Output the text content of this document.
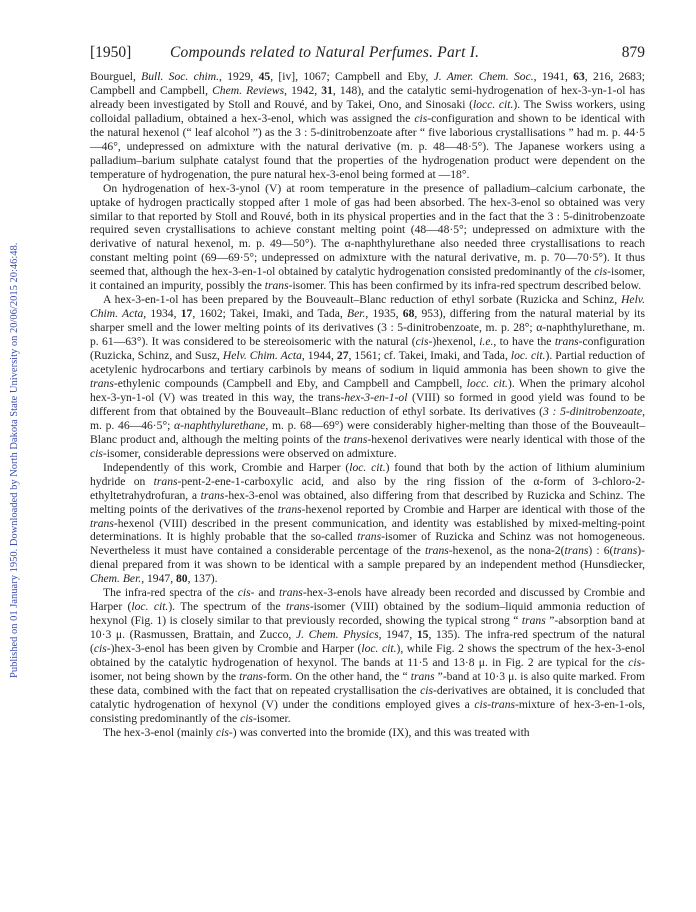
Published on 01 January 1950. Downloaded by North Dakota State University on 20/06/2015 20:46:48.
[1950] Compounds related to Natural Perfumes. Part I.	879

Bourguel, Bull. Soc. chim., 1929, 45, [iv], 1067; Campbell and Eby, J. Amer. Chem. Soc., 1941, 63, 216, 2683; Campbell and Campbell, Chem. Reviews, 1942, 31, 148), and the catalytic semi-hydrogenation of hex-3-yn-1-ol has already been investigated by Stoll and Rouvé, and by Takei, Ono, and Sinosaki (locc. cit.). The Swiss workers, using colloidal palladium, obtained a hex-3-enol, which was assigned the cis-configuration and shown to be identical with the natural hexenol (“ leaf alcohol ”) as the 3 : 5-dinitrobenzoate after “ five laborious crystallisations ” had m. p. 44·5—46°, undepressed on admixture with the natural derivative (m. p. 48—48·5°). The Japanese workers using a palladium–barium sulphate catalyst found that the properties of the hydrogenation product were dependent on the temperature of hydrogenation, the pure natural hex-3-enol being formed at —18°.

On hydrogenation of hex-3-ynol (V) at room temperature in the presence of palladium–calcium carbonate, the uptake of hydrogen practically stopped after 1 mole of gas had been absorbed. The hex-3-enol so obtained was very similar to that reported by Stoll and Rouvé, both in its physical properties and in the fact that the 3 : 5-dinitrobenzoate required seven crystallisations to achieve constant melting point (48—48·5°; undepressed on admixture with the derivative of natural hexenol, m. p. 49—50°). The α-naphthylurethane also needed three crystallisations to reach constant melting point (69—69·5°; undepressed on admixture with the natural derivative, m. p. 70—70·5°). It thus seemed that, although the hex-3-en-1-ol obtained by catalytic hydrogenation consisted predominantly of the cis-isomer, it contained an impurity, possibly the trans-isomer. This has been confirmed by its infra-red spectrum described below.

A hex-3-en-1-ol has been prepared by the Bouveault–Blanc reduction of ethyl sorbate (Ruzicka and Schinz, Helv. Chim. Acta, 1934, 17, 1602; Takei, Imaki, and Tada, Ber., 1935, 68, 953), differing from the natural material by its sharper smell and the lower melting points of its derivatives (3 : 5-dinitrobenzoate, m. p. 28°; α-naphthylurethane, m. p. 61—63°). It was considered to be stereoisomeric with the natural (cis-)hexenol, i.e., to have the trans-configuration (Ruzicka, Schinz, and Susz, Helv. Chim. Acta, 1944, 27, 1561; cf. Takei, Imaki, and Tada, loc. cit.). Partial reduction of acetylenic hydrocarbons and tertiary carbinols by means of sodium in liquid ammonia has been shown to give the trans-ethylenic compounds (Campbell and Eby, and Campbell and Campbell, locc. cit.). When the primary alcohol hex-3-yn-1-ol (V) was treated in this way, the trans-hex-3-en-1-ol (VIII) so formed in good yield was found to be different from that obtained by the Bouveault–Blanc reduction of ethyl sorbate. Its derivatives (3 : 5-dinitrobenzoate, m. p. 46—46·5°; α-naphthylurethane, m. p. 68—69°) were considerably higher-melting than those of the Bouveault–Blanc product and, although the melting points of the trans-hexenol derivatives were nearly identical with those of the cis-isomer, considerable depressions were observed on admixture.

Independently of this work, Crombie and Harper (loc. cit.) found that both by the action of lithium aluminium hydride on trans-pent-2-ene-1-carboxylic acid, and also by the ring fission of the α-form of 3-chloro-2-ethyltetrahydrofuran, a trans-hex-3-enol was obtained, also differing from that described by Ruzicka and Schinz. The melting points of the derivatives of the trans-hexenol reported by Crombie and Harper are identical with those of the trans-hexenol (VIII) described in the present communication, and identity was established by mixed-melting-point determinations. It is highly probable that the so-called trans-isomer of Ruzicka and Schinz was not homogeneous. Nevertheless it must have contained a considerable percentage of the trans-hexenol, as the nona-2(trans) : 6(trans)-dienal prepared from it was shown to be identical with a sample prepared by an independent method (Hunsdiecker, Chem. Ber., 1947, 80, 137).

The infra-red spectra of the cis- and trans-hex-3-enols have already been recorded and discussed by Crombie and Harper (loc. cit.). The spectrum of the trans-isomer (VIII) obtained by the sodium–liquid ammonia reduction of hexynol (Fig. 1) is closely similar to that previously recorded, showing the typical strong “ trans ”-absorption band at 10·3 μ. (Rasmussen, Brattain, and Zucco, J. Chem. Physics, 1947, 15, 135). The infra-red spectrum of the natural (cis-)hex-3-enol has been given by Crombie and Harper (loc. cit.), while Fig. 2 shows the spectrum of the hex-3-enol obtained by the catalytic hydrogenation of hexynol. The bands at 11·5 and 13·8 μ. in Fig. 2 are typical for the cis-isomer, not being shown by the trans-form. On the other hand, the “ trans ”-band at 10·3 μ. is also quite marked. From these data, combined with the fact that on repeated crystallisation the cis-derivatives are obtained, it is concluded that catalytic hydrogenation of hexynol (V) under the conditions employed gives a cis-trans-mixture of hex-3-en-1-ols, consisting predominantly of the cis-isomer.

The hex-3-enol (mainly cis-) was converted into the bromide (IX), and this was treated with
